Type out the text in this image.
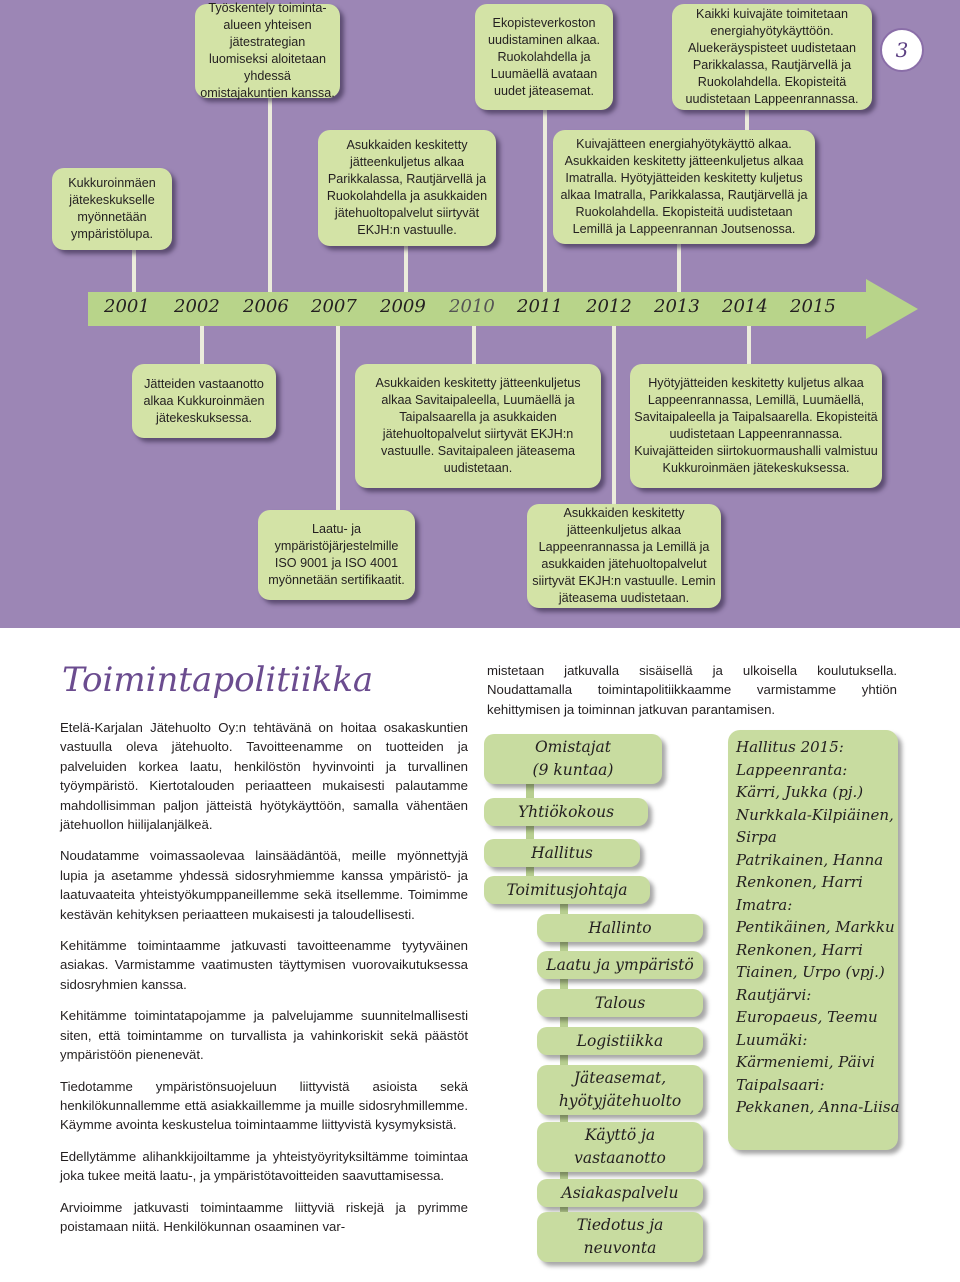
2001 2002 2006 2007 2009 2010 2011 2012 2013 2014 2015
3
Työskentely toiminta-alueen yhteisen jätestrategian luomiseksi aloitetaan yhdessä omistajakuntien kanssa.
Ekopisteverkoston uudistaminen alkaa. Ruokolahdella ja Luumäellä avataan uudet jäteasemat.
Kaikki kuivajäte toimitetaan energiahyötykäyttöön. Aluekeräyspisteet uudistetaan Parikkalassa, Rautjärvellä ja Ruokolahdella. Ekopisteitä uudistetaan Lappeenrannassa.
Kukkuroinmäen jätekeskukselle myönnetään ympäristölupa.
Asukkaiden keskitetty jätteenkuljetus alkaa Parikkalassa, Rautjärvellä ja Ruokolahdella ja asukkaiden jätehuoltopalvelut siirtyvät EKJH:n vastuulle.
Kuivajätteen energiahyötykäyttö alkaa. Asukkaiden keskitetty jätteenkuljetus alkaa Imatralla. Hyötyjätteiden keskitetty kuljetus alkaa Imatralla, Parikkalassa, Rautjärvellä ja Ruokolahdella. Ekopisteitä uudistetaan Lemillä ja Lappeenrannan Joutsenossa.
Jätteiden vastaanotto alkaa Kukkuroinmäen jätekeskuksessa.
Asukkaiden keskitetty jätteenkuljetus alkaa Savitaipaleella, Luumäellä ja Taipalsaarella ja asukkaiden jätehuoltopalvelut siirtyvät EKJH:n vastuulle. Savitaipaleen jäteasema uudistetaan.
Hyötyjätteiden keskitetty kuljetus alkaa Lappeenrannassa, Lemillä, Luumäellä, Savitaipaleella ja Taipalsaarella. Ekopisteitä uudistetaan Lappeenrannassa. Kuivajätteiden siirtokuormaushalli valmistuu Kukkuroinmäen jätekeskuksessa.
Laatu- ja ympäristöjärjestelmille ISO 9001 ja ISO 4001 myönnetään sertifikaatit.
Asukkaiden keskitetty jätteenkuljetus alkaa Lappeenrannassa ja Lemillä ja asukkaiden jätehuoltopalvelut siirtyvät EKJH:n vastuulle. Lemin jäteasema uudistetaan.
Toimintapolitiikka

Etelä-Karjalan Jätehuolto Oy:n tehtävänä on hoitaa osakaskuntien vastuulla oleva jätehuolto. Tavoitteenamme on tuotteiden ja palveluiden korkea laatu, henkilöstön hyvinvointi ja turvallinen työympäristö. Kiertotalouden periaatteen mukaisesti palautamme mahdollisimman paljon jätteistä hyötykäyttöön, samalla vähentäen jätehuollon hiilijalanjälkeä.

Noudatamme voimassaolevaa lainsäädäntöä, meille myönnettyjä lupia ja asetamme yhdessä sidosryhmiemme kanssa ympäristö- ja laatuvaateita yhteistyökumppaneillemme sekä itsellemme. Toimimme kestävän kehityksen periaatteen mukaisesti ja taloudellisesti.

Kehitämme toimintaamme jatkuvasti tavoitteenamme tyytyväinen asiakas. Varmistamme vaatimusten täyttymisen vuorovaikutuksessa sidosryhmien kanssa.

Kehitämme toimintatapojamme ja palvelujamme suunnitelmallisesti siten, että toimintamme on turvallista ja vahinkoriskit sekä päästöt ympäristöön pienenevät.

Tiedotamme ympäristönsuojeluun liittyvistä asioista sekä henkilökunnallemme että asiakkaillemme ja muille sidosryhmillemme. Käymme avointa keskustelua toimintaamme liittyvistä kysymyksistä.

Edellytämme alihankkijoiltamme ja yhteistyöyrityksiltämme toimintaa joka tukee meitä laatu-, ja ympäristötavoitteiden saavuttamisessa.

Arvioimme jatkuvasti toimintaamme liittyviä riskejä ja pyrimme poistamaan niitä. Henkilökunnan osaaminen var-

mistetaan jatkuvalla sisäisellä ja ulkoisella koulutuksella. Noudattamalla toimintapolitiikkaamme varmistamme yhtiön kehittymisen ja toiminnan jatkuvan parantamisen.

Omistajat
(9 kuntaa)
Yhtiökokous
Hallitus
Toimitusjohtaja
Hallinto
Laatu ja ympäristö
Talous
Logistiikka
Jäteasemat,
hyötyjätehuolto
Käyttö ja
vastaanotto
Asiakaspalvelu
Tiedotus ja
neuvonta
Hallitus 2015:
Lappeenranta:
Kärri, Jukka (pj.)
Nurkkala-Kilpiäinen,
Sirpa
Patrikainen, Hanna
Renkonen, Harri
Imatra:
Pentikäinen, Markku
Renkonen, Harri
Tiainen, Urpo (vpj.)
Rautjärvi:
Europaeus, Teemu
Luumäki:
Kärmeniemi, Päivi
Taipalsaari:
Pekkanen, Anna-Liisa
